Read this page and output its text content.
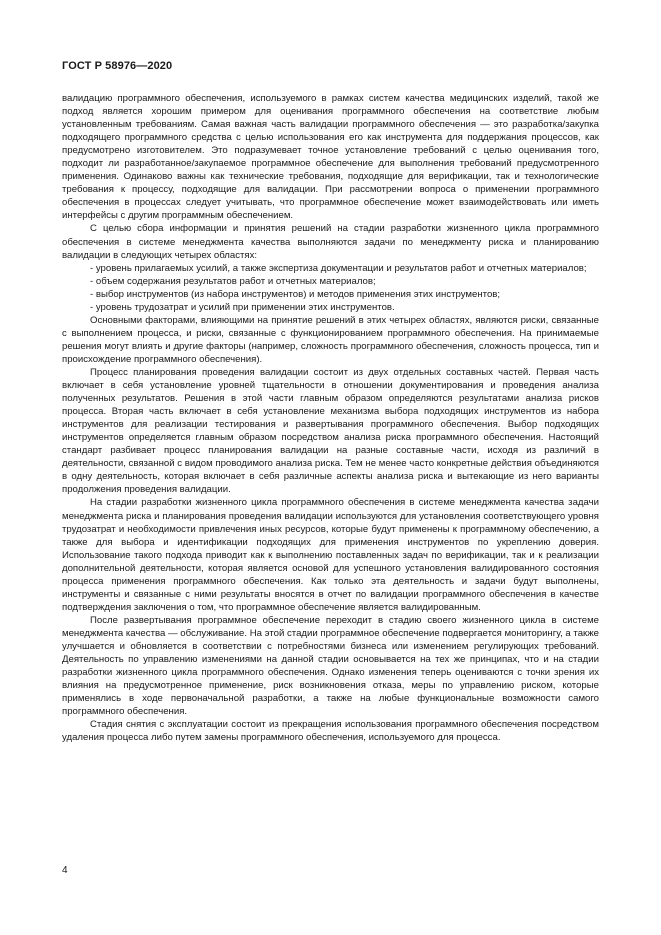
ГОСТ Р 58976—2020

валидацию программного обеспечения, используемого в рамках систем качества медицинских изделий, такой же подход является хорошим примером для оценивания программного обеспечения на соответствие любым установленным требованиям. Самая важная часть валидации программного обеспечения — это разработка/закупка подходящего программного средства с целью использования его как инструмента для поддержания процессов, как предусмотрено изготовителем. Это подразумевает точное установление требований с целью оценивания того, подходит ли разработанное/закупаемое программное обеспечение для выполнения требований предусмотренного применения. Одинаково важны как технические требования, подходящие для верификации, так и технологические требования к процессу, подходящие для валидации. При рассмотрении вопроса о применении программного обеспечения в процессах следует учитывать, что программное обеспечение может взаимодействовать или иметь интерфейсы с другим программным обеспечением.

С целью сбора информации и принятия решений на стадии разработки жизненного цикла программного обеспечения в системе менеджмента качества выполняются задачи по менеджменту риска и планированию валидации в следующих четырех областях:

- уровень прилагаемых усилий, а также экспертиза документации и результатов работ и отчетных материалов;

- объем содержания результатов работ и отчетных материалов;

- выбор инструментов (из набора инструментов) и методов применения этих инструментов;

- уровень трудозатрат и усилий при применении этих инструментов.

Основными факторами, влияющими на принятие решений в этих четырех областях, являются риски, связанные с выполнением процесса, и риски, связанные с функционированием программного обеспечения. На принимаемые решения могут влиять и другие факторы (например, сложность программного обеспечения, сложность процесса, тип и происхождение программного обеспечения).

Процесс планирования проведения валидации состоит из двух отдельных составных частей. Первая часть включает в себя установление уровней тщательности в отношении документирования и проведения анализа полученных результатов. Решения в этой части главным образом определяются результатами анализа рисков процесса. Вторая часть включает в себя установление механизма выбора подходящих инструментов из набора инструментов для реализации тестирования и развертывания программного обеспечения. Выбор подходящих инструментов определяется главным образом посредством анализа риска программного обеспечения. Настоящий стандарт разбивает процесс планирования валидации на разные составные части, исходя из различий в деятельности, связанной с видом проводимого анализа риска. Тем не менее часто конкретные действия объединяются в одну деятельность, которая включает в себя различные аспекты анализа риска и вытекающие из него варианты продолжения проведения валидации.

На стадии разработки жизненного цикла программного обеспечения в системе менеджмента качества задачи менеджмента риска и планирования проведения валидации используются для установления соответствующего уровня трудозатрат и необходимости привлечения иных ресурсов, которые будут применены к программному обеспечению, а также для выбора и идентификации подходящих для применения инструментов по укреплению доверия. Использование такого подхода приводит как к выполнению поставленных задач по верификации, так и к реализации дополнительной деятельности, которая является основой для успешного установления валидированного состояния процесса применения программного обеспечения. Как только эта деятельность и задачи будут выполнены, инструменты и связанные с ними результаты вносятся в отчет по валидации программного обеспечения в качестве подтверждения заключения о том, что программное обеспечение является валидированным.

После развертывания программное обеспечение переходит в стадию своего жизненного цикла в системе менеджмента качества — обслуживание. На этой стадии программное обеспечение подвергается мониторингу, а также улучшается и обновляется в соответствии с потребностями бизнеса или изменением регулирующих требований. Деятельность по управлению изменениями на данной стадии основывается на тех же принципах, что и на стадии разработки жизненного цикла программного обеспечения. Однако изменения теперь оцениваются с точки зрения их влияния на предусмотренное применение, риск возникновения отказа, меры по управлению риском, которые применялись в ходе первоначальной разработки, а также на любые функциональные возможности самого программного обеспечения.

Стадия снятия с эксплуатации состоит из прекращения использования программного обеспечения посредством удаления процесса либо путем замены программного обеспечения, используемого для процесса.

4
